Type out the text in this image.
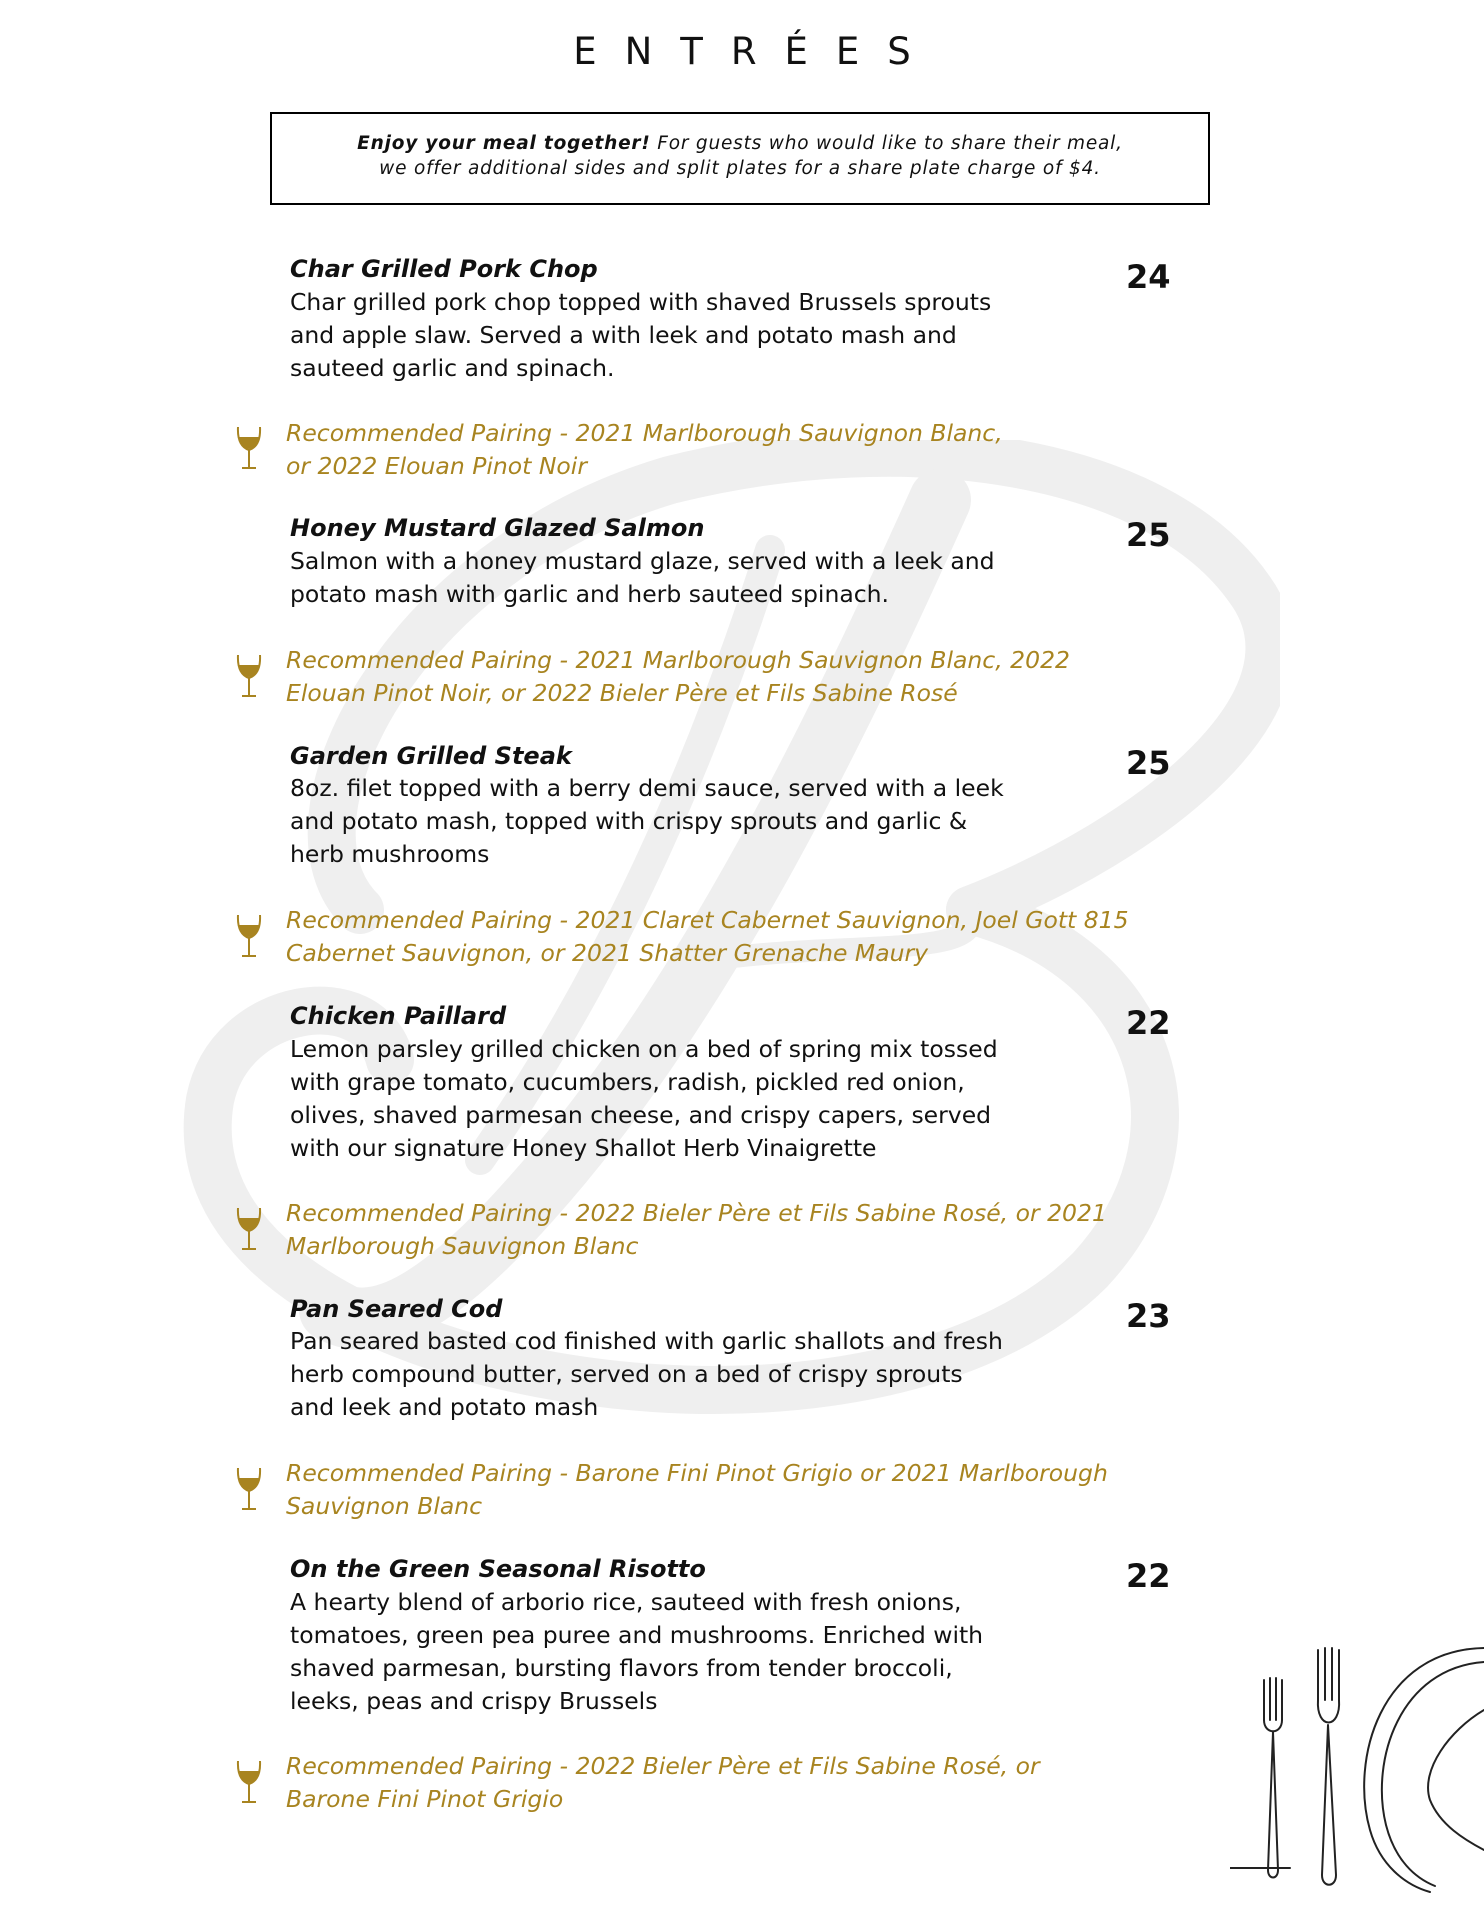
ENTRÉES
Enjoy your meal together! For guests who would like to share their meal,
we offer additional sides and split plates for a share plate charge of $4.
Char Grilled Pork Chop	24
Char grilled pork chop topped with shaved Brussels sprouts
and apple slaw. Served a with leek and potato mash and
sauteed garlic and spinach.
Recommended Pairing - 2021 Marlborough Sauvignon Blanc,
or 2022 Elouan Pinot Noir
Honey Mustard Glazed Salmon	25
Salmon with a honey mustard glaze, served with a leek and
potato mash with garlic and herb sauteed spinach.
Recommended Pairing - 2021 Marlborough Sauvignon Blanc, 2022
Elouan Pinot Noir, or 2022 Bieler Père et Fils Sabine Rosé
Garden Grilled Steak	25
8oz. filet topped with a berry demi sauce, served with a leek
and potato mash, topped with crispy sprouts and garlic &
herb mushrooms
Recommended Pairing - 2021 Claret Cabernet Sauvignon, Joel Gott 815
Cabernet Sauvignon, or 2021 Shatter Grenache Maury
Chicken Paillard	22
Lemon parsley grilled chicken on a bed of spring mix tossed
with grape tomato, cucumbers, radish, pickled red onion,
olives, shaved parmesan cheese, and crispy capers, served
with our signature Honey Shallot Herb Vinaigrette
Recommended Pairing - 2022 Bieler Père et Fils Sabine Rosé, or 2021
Marlborough Sauvignon Blanc
Pan Seared Cod	23
Pan seared basted cod finished with garlic shallots and fresh
herb compound butter, served on a bed of crispy sprouts
and leek and potato mash
Recommended Pairing - Barone Fini Pinot Grigio or 2021 Marlborough
Sauvignon Blanc
On the Green Seasonal Risotto	22
A hearty blend of arborio rice, sauteed with fresh onions,
tomatoes, green pea puree and mushrooms. Enriched with
shaved parmesan, bursting flavors from tender broccoli,
leeks, peas and crispy Brussels
Recommended Pairing - 2022 Bieler Père et Fils Sabine Rosé, or
Barone Fini Pinot Grigio
